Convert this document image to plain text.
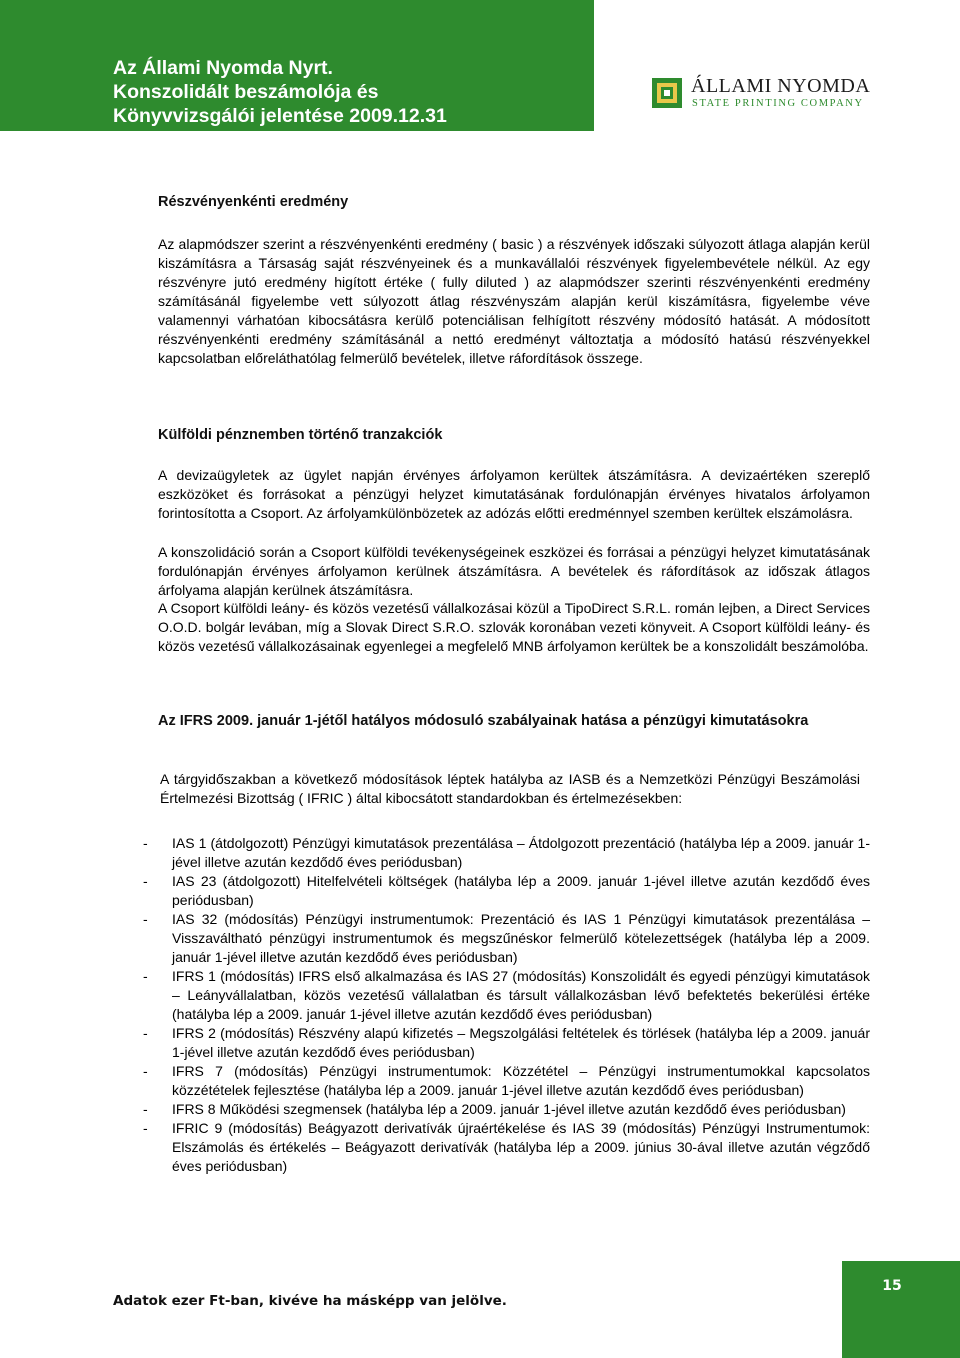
Az Állami Nyomda Nyrt.
Konszolidált beszámolója és
Könyvvizsgálói jelentése 2009.12.31
ÁLLAMI NYOMDA
STATE PRINTING COMPANY
Részvényenkénti eredmény
Az alapmódszer szerint a részvényenkénti eredmény ( basic ) a részvények időszaki súlyozott átlaga alapján kerül kiszámításra a Társaság saját részvényeinek és a munkavállalói részvények figyelembevétele nélkül. Az egy részvényre jutó eredmény higított értéke ( fully diluted ) az alapmódszer szerinti részvényenkénti eredmény számításánál figyelembe vett súlyozott átlag részvényszám alapján kerül kiszámításra, figyelembe véve valamennyi várhatóan kibocsátásra kerülő potenciálisan felhígított részvény módosító hatását. A módosított részvényenkénti eredmény számításánál a nettó eredményt változtatja a módosító hatású részvényekkel kapcsolatban előreláthatólag felmerülő bevételek, illetve ráfordítások összege.
Külföldi pénznemben történő tranzakciók
A devizaügyletek az ügylet napján érvényes árfolyamon kerültek átszámításra. A devizaértéken szereplő eszközöket és forrásokat a pénzügyi helyzet kimutatásának fordulónapján érvényes hivatalos árfolyamon forintosította a Csoport. Az árfolyamkülönbözetek az adózás előtti eredménnyel szemben kerültek elszámolásra.
A konszolidáció során a Csoport külföldi tevékenységeinek eszközei és forrásai a pénzügyi helyzet kimutatásának fordulónapján érvényes árfolyamon kerülnek átszámításra. A bevételek és ráfordítások az időszak átlagos árfolyama alapján kerülnek átszámításra.
A Csoport külföldi leány- és közös vezetésű vállalkozásai közül a TipoDirect S.R.L. román lejben, a Direct Services O.O.D. bolgár levában, míg a Slovak Direct S.R.O. szlovák koronában vezeti könyveit. A Csoport külföldi leány- és közös vezetésű vállalkozásainak egyenlegei a megfelelő MNB árfolyamon kerültek be a konszolidált beszámolóba.
Az IFRS 2009. január 1-jétől hatályos módosuló szabályainak hatása a pénzügyi kimutatásokra
A tárgyidőszakban a következő módosítások léptek hatályba az IASB és a Nemzetközi Pénzügyi Beszámolási Értelmezési Bizottság ( IFRIC ) által kibocsátott standardokban és értelmezésekben:
- IAS 1 (átdolgozott) Pénzügyi kimutatások prezentálása – Átdolgozott prezentáció (hatályba lép a 2009. január 1-jével illetve azután kezdődő éves periódusban)
- IAS 23 (átdolgozott) Hitelfelvételi költségek (hatályba lép a 2009. január 1-jével illetve azután kezdődő éves periódusban)
- IAS 32 (módosítás) Pénzügyi instrumentumok: Prezentáció és IAS 1 Pénzügyi kimutatások prezentálása – Visszaváltható pénzügyi instrumentumok és megszűnéskor felmerülő kötelezettségek (hatályba lép a 2009. január 1-jével illetve azután kezdődő éves periódusban)
- IFRS 1 (módosítás) IFRS első alkalmazása és IAS 27 (módosítás) Konszolidált és egyedi pénzügyi kimutatások – Leányvállalatban, közös vezetésű vállalatban és társult vállalkozásban lévő befektetés bekerülési értéke (hatályba lép a 2009. január 1-jével illetve azután kezdődő éves periódusban)
- IFRS 2 (módosítás) Részvény alapú kifizetés – Megszolgálási feltételek és törlések (hatályba lép a 2009. január 1-jével illetve azután kezdődő éves periódusban)
- IFRS 7 (módosítás) Pénzügyi instrumentumok: Közzététel – Pénzügyi instrumentumokkal kapcsolatos közzétételek fejlesztése (hatályba lép a 2009. január 1-jével illetve azután kezdődő éves periódusban)
- IFRS 8 Működési szegmensek (hatályba lép a 2009. január 1-jével illetve azután kezdődő éves periódusban)
- IFRIC 9 (módosítás) Beágyazott derivatívák újraértékelése és IAS 39 (módosítás) Pénzügyi Instrumentumok: Elszámolás és értékelés – Beágyazott derivatívák (hatályba lép a 2009. június 30-ával illetve azután végződő éves periódusban)
Adatok ezer Ft-ban, kivéve ha másképp van jelölve.
15
